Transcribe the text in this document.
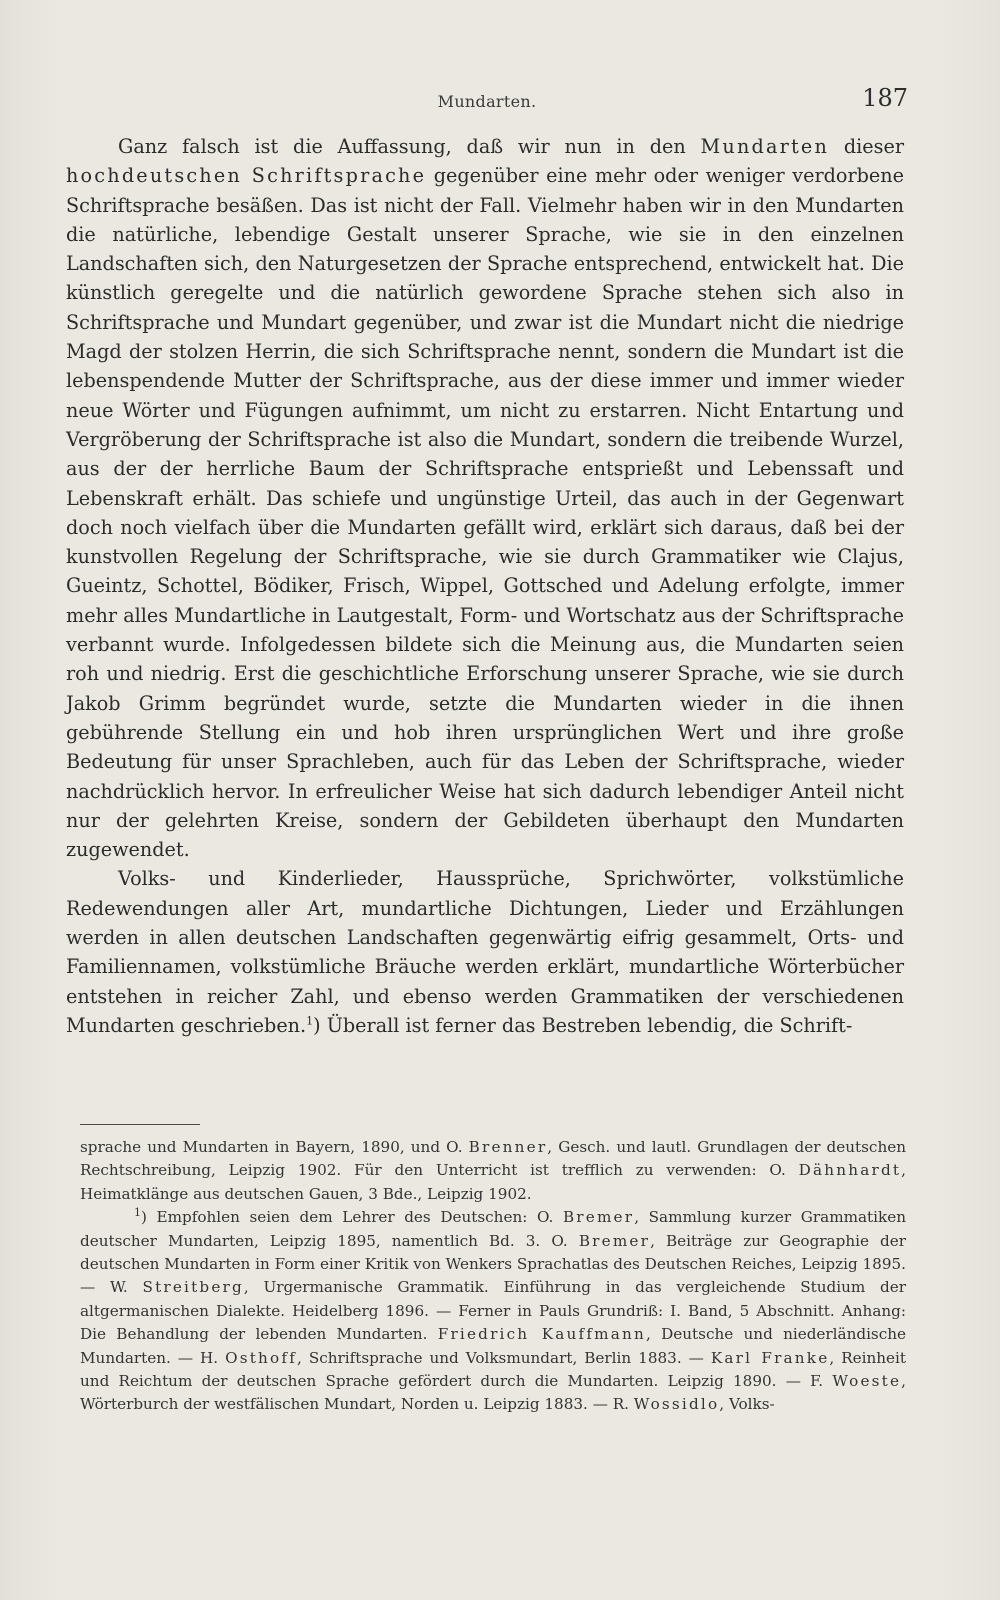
Mundarten.	187

Ganz falsch ist die Auffassung, daß wir nun in den Mundarten dieser hochdeutschen Schriftsprache gegenüber eine mehr oder weniger verdorbene Schriftsprache besäßen. Das ist nicht der Fall. Vielmehr haben wir in den Mundarten die natürliche, lebendige Gestalt unserer Sprache, wie sie in den einzelnen Landschaften sich, den Naturgesetzen der Sprache entsprechend, entwickelt hat. Die künstlich geregelte und die natürlich gewordene Sprache stehen sich also in Schriftsprache und Mundart gegenüber, und zwar ist die Mundart nicht die niedrige Magd der stolzen Herrin, die sich Schriftsprache nennt, sondern die Mundart ist die lebenspendende Mutter der Schriftsprache, aus der diese immer und immer wieder neue Wörter und Fügungen aufnimmt, um nicht zu erstarren. Nicht Entartung und Vergröberung der Schriftsprache ist also die Mundart, sondern die treibende Wurzel, aus der der herrliche Baum der Schriftsprache entsprießt und Lebenssaft und Lebenskraft erhält. Das schiefe und ungünstige Urteil, das auch in der Gegenwart doch noch vielfach über die Mundarten gefällt wird, erklärt sich daraus, daß bei der kunstvollen Regelung der Schriftsprache, wie sie durch Grammatiker wie Clajus, Gueintz, Schottel, Bödiker, Frisch, Wippel, Gottsched und Adelung erfolgte, immer mehr alles Mundartliche in Lautgestalt, Form- und Wortschatz aus der Schriftsprache verbannt wurde. Infolgedessen bildete sich die Meinung aus, die Mundarten seien roh und niedrig. Erst die geschichtliche Erforschung unserer Sprache, wie sie durch Jakob Grimm begründet wurde, setzte die Mundarten wieder in die ihnen gebührende Stellung ein und hob ihren ursprünglichen Wert und ihre große Bedeutung für unser Sprachleben, auch für das Leben der Schriftsprache, wieder nachdrücklich hervor. In erfreulicher Weise hat sich dadurch lebendiger Anteil nicht nur der gelehrten Kreise, sondern der Gebildeten überhaupt den Mundarten zugewendet.

Volks- und Kinderlieder, Haussprüche, Sprichwörter, volkstümliche Redewendungen aller Art, mundartliche Dichtungen, Lieder und Erzählungen werden in allen deutschen Landschaften gegenwärtig eifrig gesammelt, Orts- und Familiennamen, volkstümliche Bräuche werden erklärt, mundartliche Wörterbücher entstehen in reicher Zahl, und ebenso werden Grammatiken der verschiedenen Mundarten geschrieben.$^1$) Überall ist ferner das Bestreben lebendig, die Schrift-

sprache und Mundarten in Bayern, 1890, und O. Brenner, Gesch. und lautl. Grundlagen der deutschen Rechtschreibung, Leipzig 1902. Für den Unterricht ist trefflich zu verwenden: O. Dähnhardt, Heimatklänge aus deutschen Gauen, 3 Bde., Leipzig 1902.

$^1$) Empfohlen seien dem Lehrer des Deutschen: O. Bremer, Sammlung kurzer Grammatiken deutscher Mundarten, Leipzig 1895, namentlich Bd. 3. O. Bremer, Beiträge zur Geographie der deutschen Mundarten in Form einer Kritik von Wenkers Sprachatlas des Deutschen Reiches, Leipzig 1895. — W. Streitberg, Urgermanische Grammatik. Einführung in das vergleichende Studium der altgermanischen Dialekte. Heidelberg 1896. — Ferner in Pauls Grundriß: I. Band, 5 Abschnitt. Anhang: Die Behandlung der lebenden Mundarten. Friedrich Kauffmann, Deutsche und niederländische Mundarten. — H. Osthoff, Schriftsprache und Volksmundart, Berlin 1883. — Karl Franke, Reinheit und Reichtum der deutschen Sprache gefördert durch die Mundarten. Leipzig 1890. — F. Woeste, Wörterburch der westfälischen Mundart, Norden u. Leipzig 1883. — R. Wossidlo, Volks-
